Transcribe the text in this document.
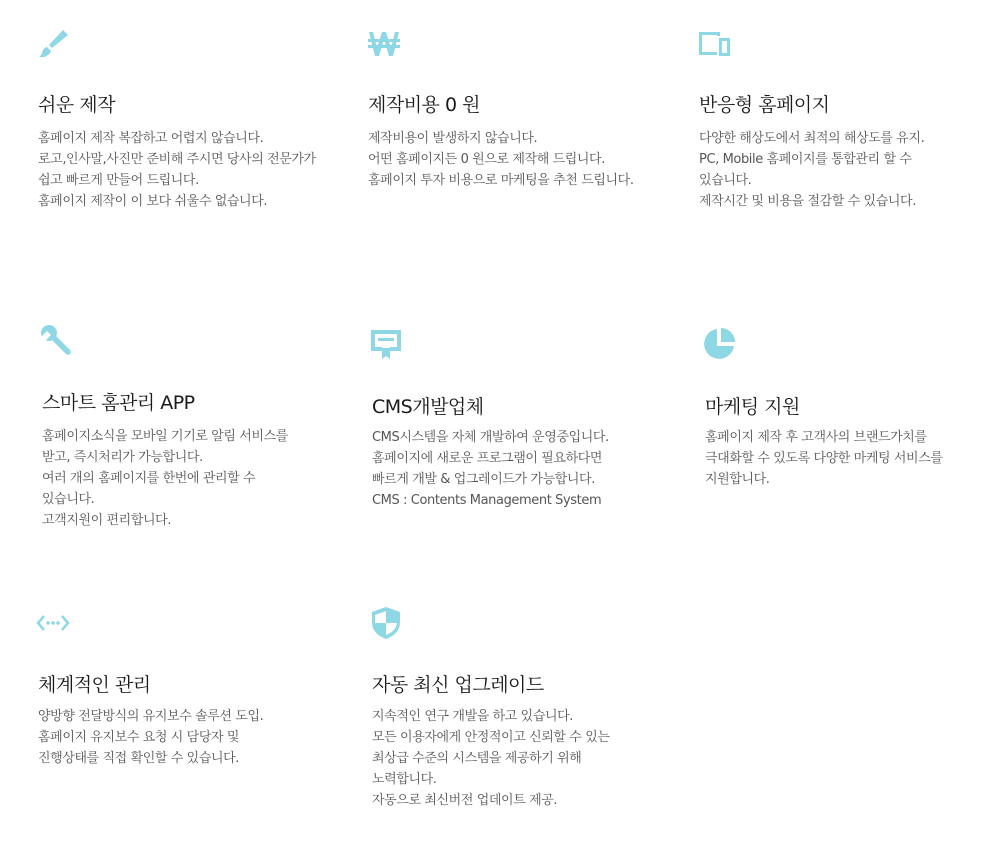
쉬운 제작
홈페이지 제작 복잡하고 어렵지 않습니다.
로고,인사말,사진만 준비해 주시면 당사의 전문가가
쉽고 빠르게 만들어 드립니다.
홈페이지 제작이 이 보다 쉬울수 없습니다.
제작비용 0 원
제작비용이 발생하지 않습니다.
어떤 홈페이지든 0 원으로 제작해 드립니다.
홈페이지 투자 비용으로 마케팅을 추천 드립니다.
반응형 홈페이지
다양한 해상도에서 최적의 해상도를 유지.
PC, Mobile 홈페이지를 통합관리 할 수
있습니다.
제작시간 및 비용을 절감할 수 있습니다.
스마트 홈관리 APP
홈페이지소식을 모바일 기기로 알림 서비스를
받고, 즉시처리가 가능합니다.
여러 개의 홈페이지를 한번에 관리할 수
있습니다.
고객지원이 편리합니다.
CMS개발업체
CMS시스템을 자체 개발하여 운영중입니다.
홈페이지에 새로운 프로그램이 필요하다면
빠르게 개발 & 업그레이드가 가능합니다.
CMS : Contents Management System
마케팅 지원
홈페이지 제작 후 고객사의 브랜드가치를
극대화할 수 있도록 다양한 마케팅 서비스를
지원합니다.
체계적인 관리
양방향 전달방식의 유지보수 솔루션 도입.
홈페이지 유지보수 요청 시 담당자 및
진행상태를 직접 확인할 수 있습니다.
자동 최신 업그레이드
지속적인 연구 개발을 하고 있습니다.
모든 이용자에게 안정적이고 신뢰할 수 있는
최상급 수준의 시스템을 제공하기 위해
노력합니다.
자동으로 최신버전 업데이트 제공.
